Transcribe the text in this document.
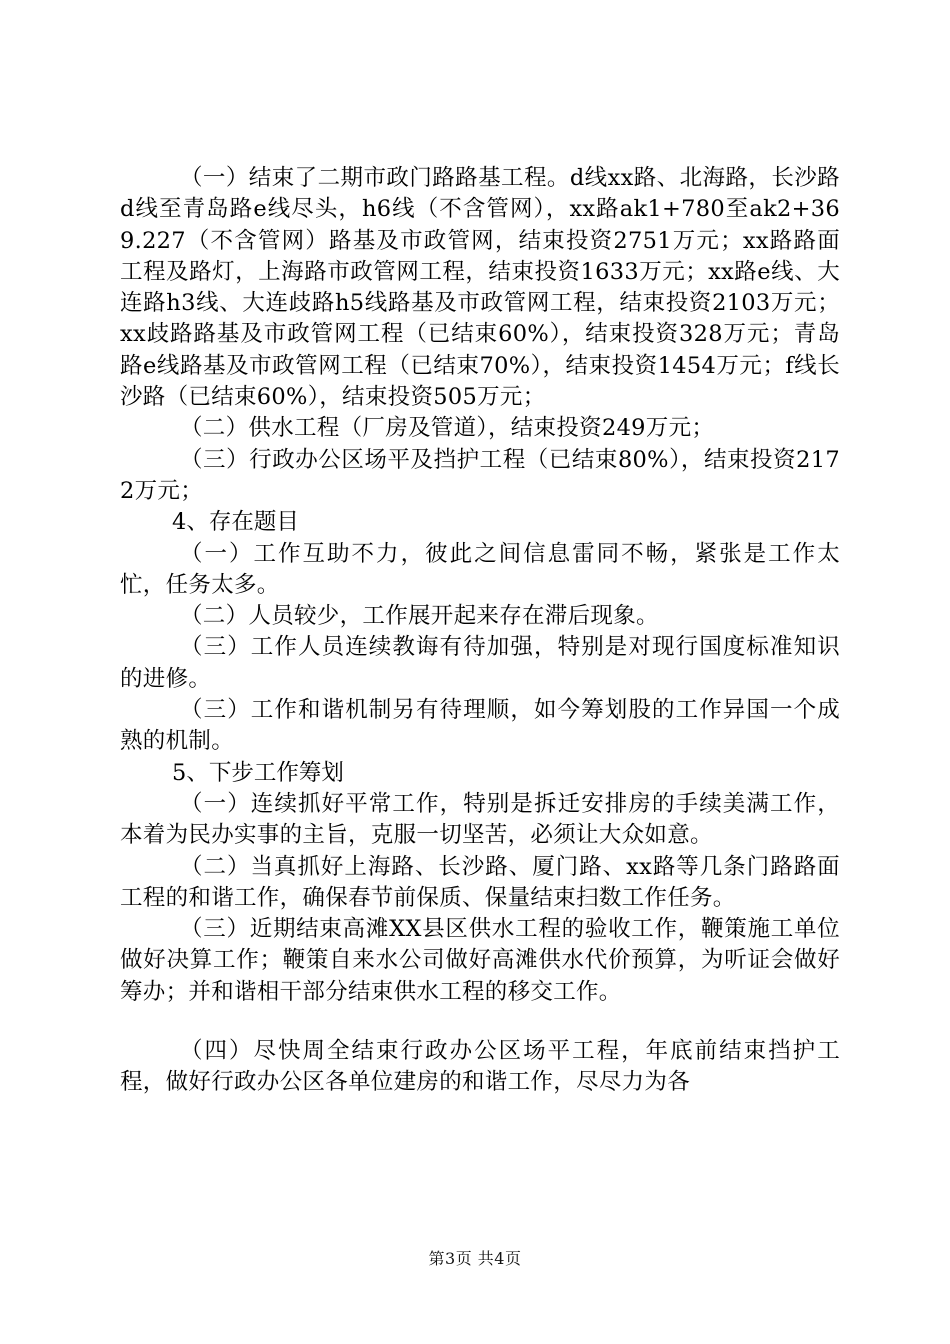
（一）结束了二期市政门路路基工程。d线xx路、北海路，长沙路d线至青岛路e线尽头，h6线（不含管网），xx路ak1+780至ak2+369.227（不含管网）路基及市政管网，结束投资2751万元；xx路路面工程及路灯，上海路市政管网工程，结束投资1633万元；xx路e线、大连路h3线、大连歧路h5线路基及市政管网工程，结束投资2103万元；xx歧路路基及市政管网工程（已结束60%），结束投资328万元；青岛路e线路基及市政管网工程（已结束70%），结束投资1454万元；f线长沙路（已结束60%），结束投资505万元；

（二）供水工程（厂房及管道），结束投资249万元；

（三）行政办公区场平及挡护工程（已结束80%），结束投资2172万元；

4、存在题目

（一）工作互助不力，彼此之间信息雷同不畅，紧张是工作太忙，任务太多。

（二）人员较少，工作展开起来存在滞后现象。

（三）工作人员连续教诲有待加强，特别是对现行国度标准知识的进修。

（三）工作和谐机制另有待理顺，如今筹划股的工作异国一个成熟的机制。

5、下步工作筹划

（一）连续抓好平常工作，特别是拆迁安排房的手续美满工作，本着为民办实事的主旨，克服一切坚苦，必须让大众如意。

（二）当真抓好上海路、长沙路、厦门路、xx路等几条门路路面工程的和谐工作，确保春节前保质、保量结束扫数工作任务。

（三）近期结束高滩XX县区供水工程的验收工作，鞭策施工单位做好决算工作；鞭策自来水公司做好高滩供水代价预算，为听证会做好筹办；并和谐相干部分结束供水工程的移交工作。

（四）尽快周全结束行政办公区场平工程，年底前结束挡护工程，做好行政办公区各单位建房的和谐工作，尽尽力为各

第3页 共4页
